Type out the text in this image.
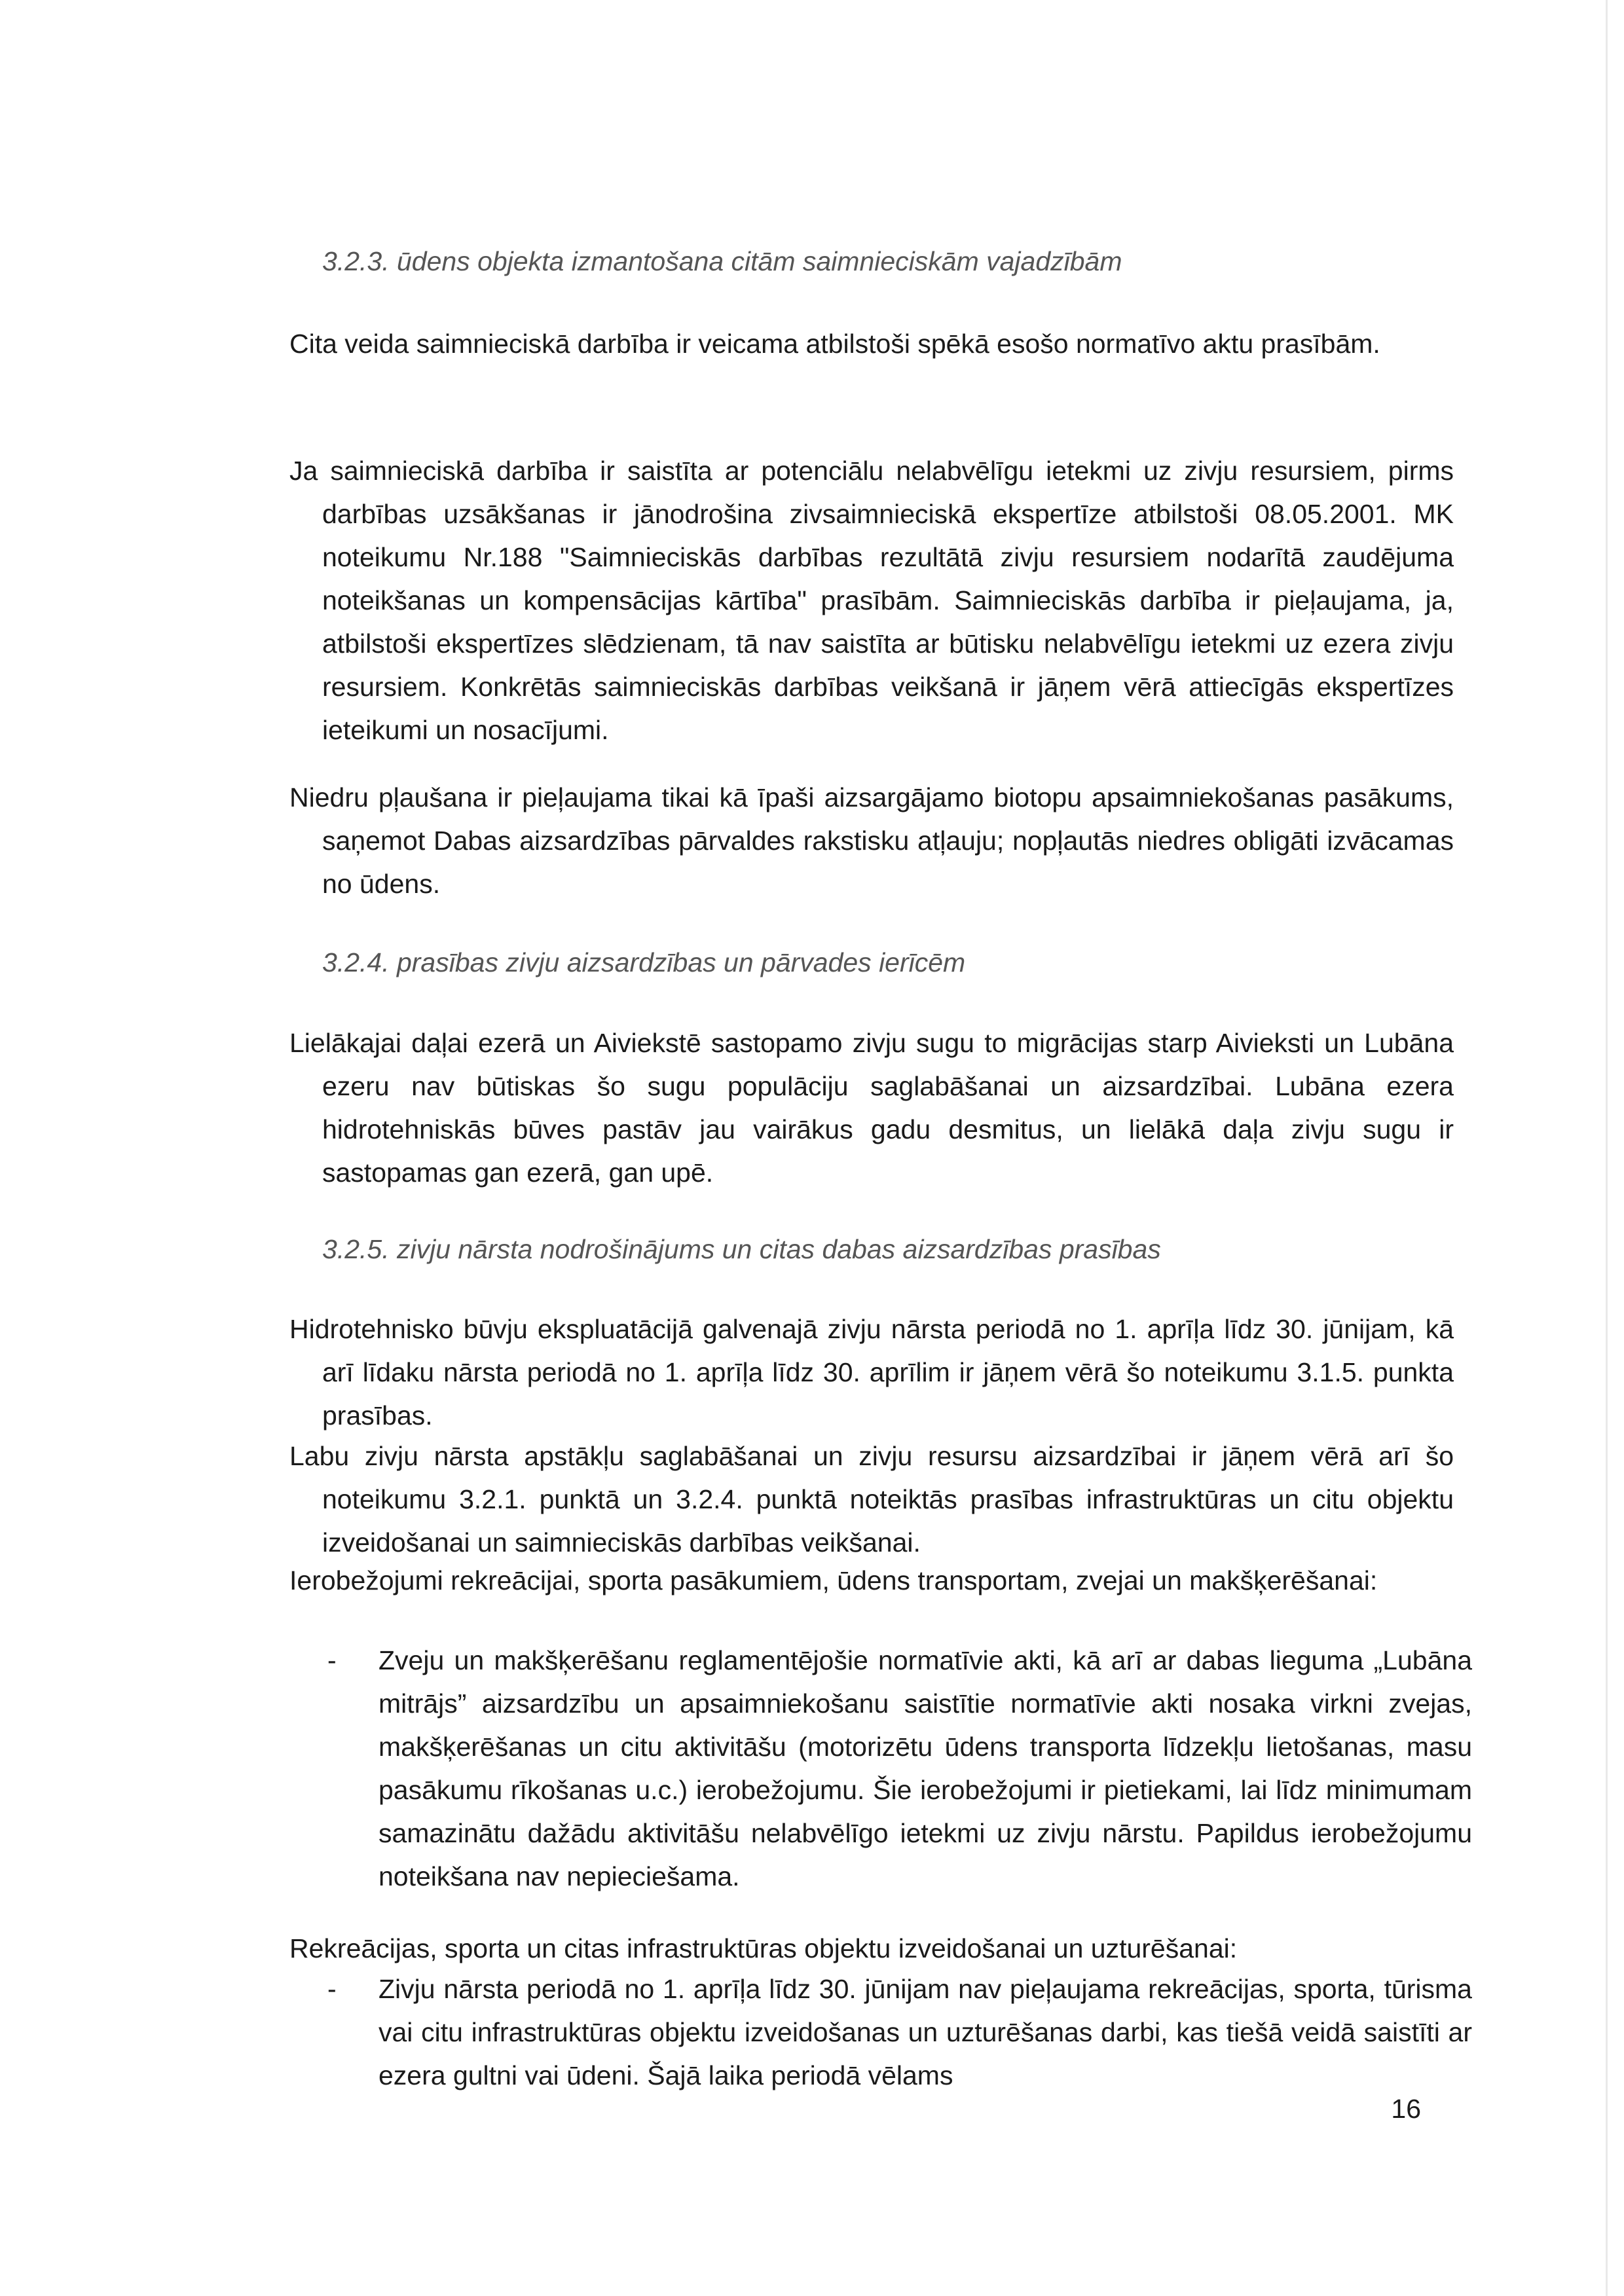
3.2.3. ūdens objekta izmantošana citām saimnieciskām vajadzībām
Cita veida saimnieciskā darbība ir veicama atbilstoši spēkā esošo normatīvo aktu prasībām.
Ja saimnieciskā darbība ir saistīta ar potenciālu nelabvēlīgu ietekmi uz zivju resursiem, pirms darbības uzsākšanas ir jānodrošina zivsaimnieciskā ekspertīze atbilstoši 08.05.2001. MK noteikumu Nr.188 "Saimnieciskās darbības rezultātā zivju resursiem nodarītā zaudējuma noteikšanas un kompensācijas kārtība" prasībām. Saimnieciskās darbība ir pieļaujama, ja, atbilstoši ekspertīzes slēdzienam, tā nav saistīta ar būtisku nelabvēlīgu ietekmi uz ezera zivju resursiem. Konkrētās saimnieciskās darbības veikšanā ir jāņem vērā attiecīgās ekspertīzes ieteikumi un nosacījumi.
Niedru pļaušana ir pieļaujama tikai kā īpaši aizsargājamo biotopu apsaimniekošanas pasākums, saņemot Dabas aizsardzības pārvaldes rakstisku atļauju; nopļautās niedres obligāti izvācamas no ūdens.
3.2.4. prasības zivju aizsardzības un pārvades ierīcēm
Lielākajai daļai ezerā un Aiviekstē sastopamo zivju sugu to migrācijas starp Aivieksti un Lubāna ezeru nav būtiskas šo sugu populāciju saglabāšanai un aizsardzībai. Lubāna ezera hidrotehniskās būves pastāv jau vairākus gadu desmitus, un lielākā daļa zivju sugu ir sastopamas gan ezerā, gan upē.
3.2.5. zivju nārsta nodrošinājums un citas dabas aizsardzības prasības
Hidrotehnisko būvju ekspluatācijā galvenajā zivju nārsta periodā no 1. aprīļa līdz 30. jūnijam, kā arī līdaku nārsta periodā no 1. aprīļa līdz 30. aprīlim ir jāņem vērā šo noteikumu 3.1.5. punkta prasības.
Labu zivju nārsta apstākļu saglabāšanai un zivju resursu aizsardzībai ir jāņem vērā arī šo noteikumu 3.2.1. punktā un 3.2.4. punktā noteiktās prasības infrastruktūras un citu objektu izveidošanai un saimnieciskās darbības veikšanai.
Ierobežojumi rekreācijai, sporta pasākumiem, ūdens transportam, zvejai un makšķerēšanai:
- Zveju un makšķerēšanu reglamentējošie normatīvie akti, kā arī ar dabas lieguma „Lubāna mitrājs” aizsardzību un apsaimniekošanu saistītie normatīvie akti nosaka virkni zvejas, makšķerēšanas un citu aktivitāšu (motorizētu ūdens transporta līdzekļu lietošanas, masu pasākumu rīkošanas u.c.) ierobežojumu. Šie ierobežojumi ir pietiekami, lai līdz minimumam samazinātu dažādu aktivitāšu nelabvēlīgo ietekmi uz zivju nārstu. Papildus ierobežojumu noteikšana nav nepieciešama.
Rekreācijas, sporta un citas infrastruktūras objektu izveidošanai un uzturēšanai:
- Zivju nārsta periodā no 1. aprīļa līdz 30. jūnijam nav pieļaujama rekreācijas, sporta, tūrisma vai citu infrastruktūras objektu izveidošanas un uzturēšanas darbi, kas tiešā veidā saistīti ar ezera gultni vai ūdeni. Šajā laika periodā vēlams
16
